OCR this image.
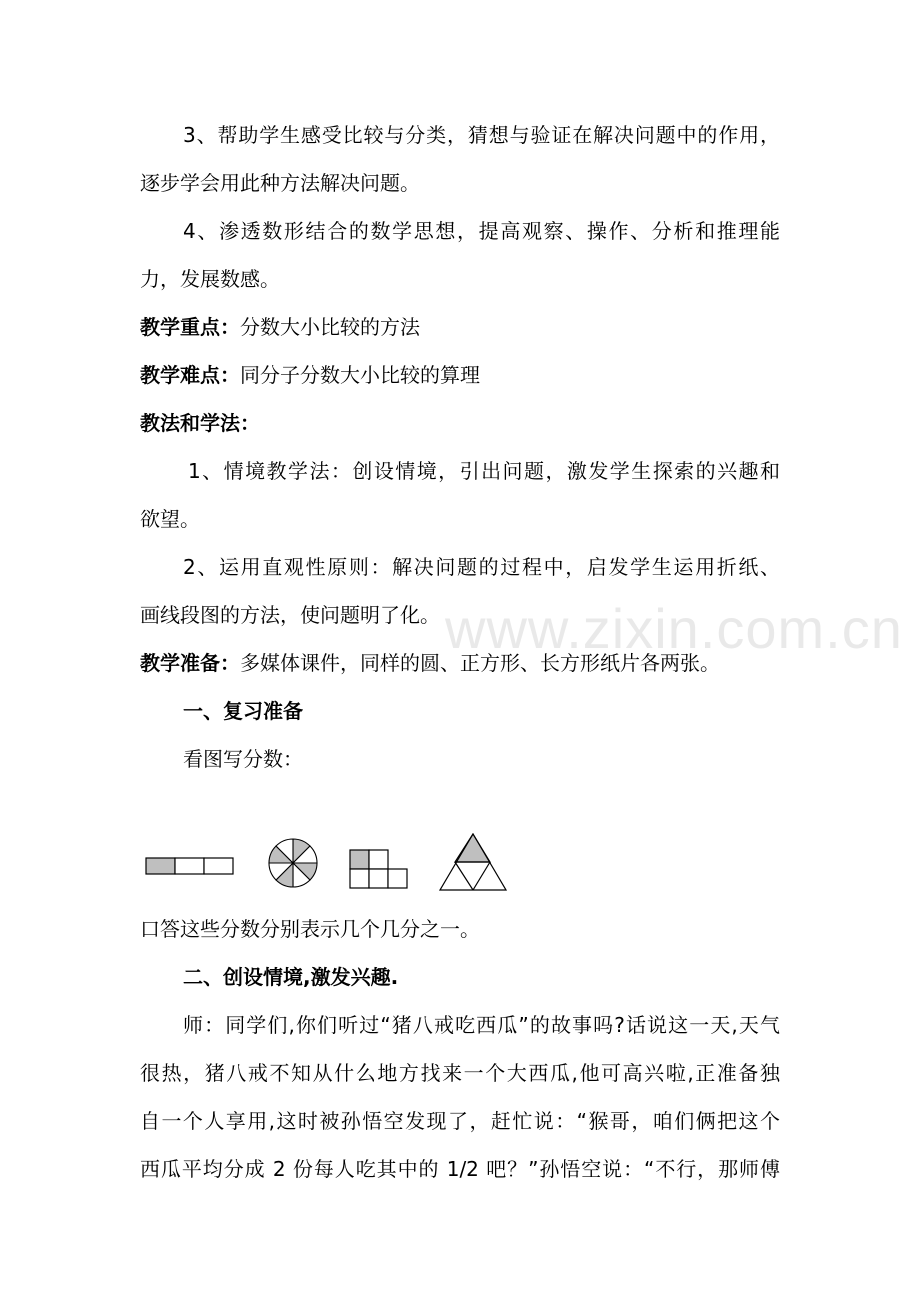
www.zixin.com.cn
3、帮助学生感受比较与分类，猜想与验证在解决问题中的作用，
逐步学会用此种方法解决问题。
4、渗透数形结合的数学思想，提高观察、操作、分析和推理能
力，发展数感。
教学重点：分数大小比较的方法
教学难点：同分子分数大小比较的算理
教法和学法：
1、情境教学法：创设情境，引出问题，激发学生探索的兴趣和
欲望。
2、运用直观性原则：解决问题的过程中，启发学生运用折纸、
画线段图的方法，使问题明了化。
教学准备：多媒体课件，同样的圆、正方形、长方形纸片各两张。
一、复习准备
看图写分数：
口答这些分数分别表示几个几分之一。
二、创设情境,激发兴趣.
师：同学们,你们听过“猪八戒吃西瓜”的故事吗?话说这一天,天气
很热，猪八戒不知从什么地方找来一个大西瓜,他可高兴啦,正准备独
自一个人享用,这时被孙悟空发现了，赶忙说：“猴哥，咱们俩把这个
西瓜平均分成 2 份每人吃其中的 1/2 吧？”孙悟空说：“不行，那师傅
